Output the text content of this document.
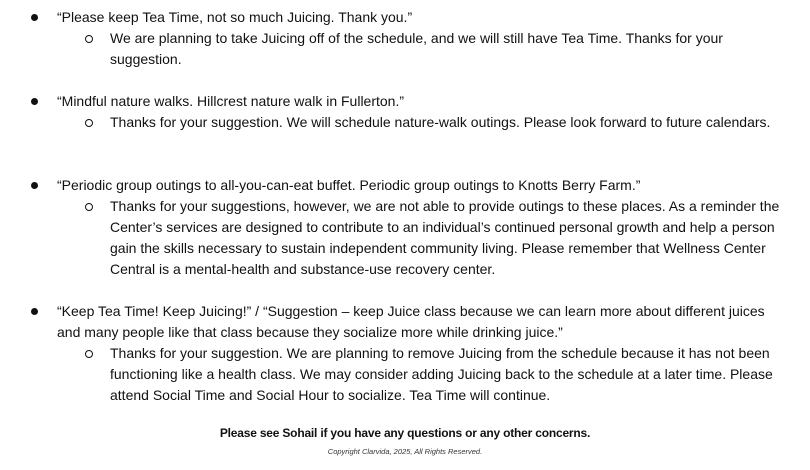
“Please keep Tea Time, not so much Juicing. Thank you.”

We are planning to take Juicing off of the schedule, and we will still have Tea Time. Thanks for your suggestion.

“Mindful nature walks. Hillcrest nature walk in Fullerton.”

Thanks for your suggestion. We will schedule nature-walk outings. Please look forward to future calendars.

“Periodic group outings to all-you-can-eat buffet. Periodic group outings to Knotts Berry Farm.”

Thanks for your suggestions, however, we are not able to provide outings to these places. As a reminder the Center’s services are designed to contribute to an individual’s continued personal growth and help a person gain the skills necessary to sustain independent community living. Please remember that Wellness Center Central is a mental-health and substance-use recovery center.

“Keep Tea Time! Keep Juicing!” / “Suggestion – keep Juice class because we can learn more about different juices and many people like that class because they socialize more while drinking juice.”

Thanks for your suggestion. We are planning to remove Juicing from the schedule because it has not been functioning like a health class. We may consider adding Juicing back to the schedule at a later time. Please attend Social Time and Social Hour to socialize. Tea Time will continue.

Please see Sohail if you have any questions or any other concerns.

Copyright Clarvida, 2025, All Rights Reserved.
